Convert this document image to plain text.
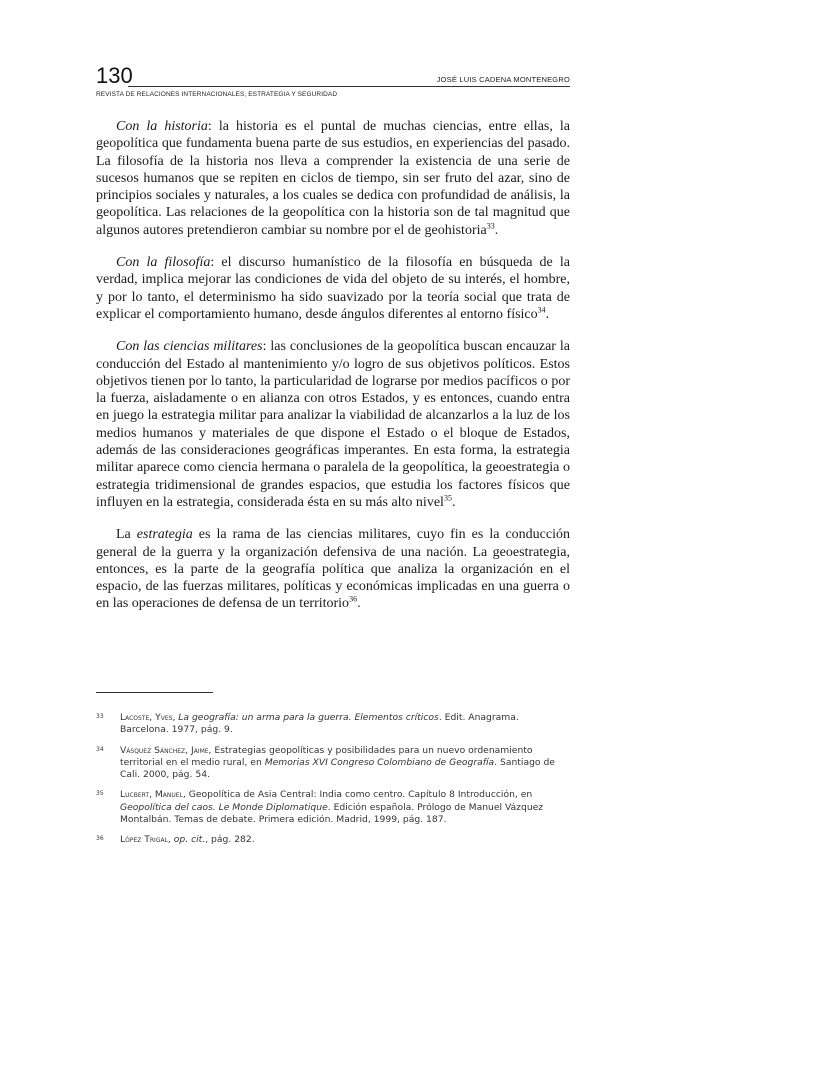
130	JOSÉ LUIS CADENA MONTENEGRO
REVISTA DE RELACIONES INTERNACIONALES, ESTRATEGIA Y SEGURIDAD

Con la historia: la historia es el puntal de muchas ciencias, entre ellas, la geopolítica que fundamenta buena parte de sus estudios, en experiencias del pasado. La filosofía de la historia nos lleva a comprender la existencia de una serie de sucesos humanos que se repiten en ciclos de tiempo, sin ser fruto del azar, sino de principios sociales y naturales, a los cuales se dedica con profundidad de análisis, la geopolítica. Las relaciones de la geopolítica con la historia son de tal magnitud que algunos autores pretendieron cambiar su nombre por el de geohistoria$^{33}$.

Con la filosofía: el discurso humanístico de la filosofía en búsqueda de la verdad, implica mejorar las condiciones de vida del objeto de su interés, el hombre, y por lo tanto, el determinismo ha sido suavizado por la teoría social que trata de explicar el comportamiento humano, desde ángulos diferentes al entorno físico$^{34}$.

Con las ciencias militares: las conclusiones de la geopolítica buscan encauzar la conducción del Estado al mantenimiento y/o logro de sus objetivos políticos. Estos objetivos tienen por lo tanto, la particularidad de lograrse por medios pacíficos o por la fuerza, aisladamente o en alianza con otros Estados, y es entonces, cuando entra en juego la estrategia militar para analizar la viabilidad de alcanzarlos a la luz de los medios humanos y materiales de que dispone el Estado o el bloque de Estados, además de las consideraciones geográficas imperantes. En esta forma, la estrategia militar aparece como ciencia hermana o paralela de la geopolítica, la geoestrategia o estrategia tridimensional de grandes espacios, que estudia los factores físicos que influyen en la estrategia, considerada ésta en su más alto nivel$^{35}$.

La estrategia es la rama de las ciencias militares, cuyo fin es la conducción general de la guerra y la organización defensiva de una nación. La geoestrategia, entonces, es la parte de la geografía política que analiza la organización en el espacio, de las fuerzas militares, políticas y económicas implicadas en una guerra o en las operaciones de defensa de un territorio$^{36}$.

33 Lacoste, Yves, La geografía: un arma para la guerra. Elementos críticos. Edit. Anagrama. Barcelona. 1977, pág. 9.
34 Vásquez Sánchez, Jaime, Estrategias geopolíticas y posibilidades para un nuevo ordenamiento territorial en el medio rural, en Memorias XVI Congreso Colombiano de Geografía. Santiago de Cali. 2000, pág. 54.
35 Lucbert, Manuel, Geopolítica de Asia Central: India como centro. Capítulo 8 Introducción, en Geopolítica del caos. Le Monde Diplomatique. Edición española. Prólogo de Manuel Vázquez Montalbán. Temas de debate. Primera edición. Madrid, 1999, pág. 187.
36 López Trigal, op. cit., pág. 282.
